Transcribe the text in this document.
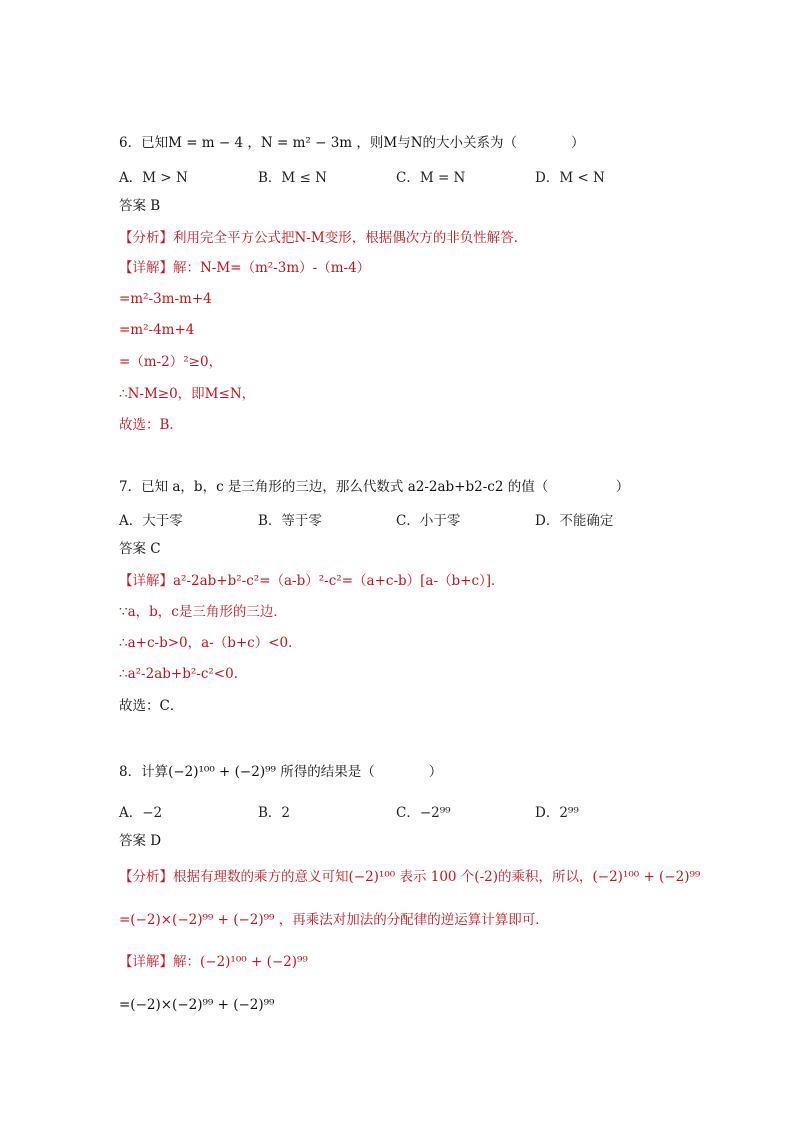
6．已知M = m − 4 ，N = m² − 3m ，则M与N的大小关系为（　　　　）
A．M > N	B．M ≤ N	C．M = N	D．M < N
答案 B
【分析】利用完全平方公式把N-M变形，根据偶次方的非负性解答．
【详解】解：N-M=（m²-3m）-（m-4）
=m²-3m-m+4
=m²-4m+4
=（m-2）²≥0，
∴N-M≥0，即M≤N，
故选：B．
7．已知 a，b，c 是三角形的三边，那么代数式 a2-2ab+b2-c2 的值（　　　　　）
A．大于零	B．等于零	C．小于零	D．不能确定
答案 C
【详解】a²-2ab+b²-c²=（a-b）²-c²=（a+c-b）[a-（b+c）]．
∵a，b，c是三角形的三边．
∴a+c-b>0，a-（b+c）<0．
∴a²-2ab+b²-c²<0．
故选：C．
8．计算(−2)¹⁰⁰ + (−2)⁹⁹ 所得的结果是（　　　　）
A．−2	B．2	C．−2⁹⁹	D．2⁹⁹
答案 D
【分析】根据有理数的乘方的意义可知(−2)¹⁰⁰ 表示 100 个(-2)的乘积，所以，(−2)¹⁰⁰ + (−2)⁹⁹
=(−2)×(−2)⁹⁹ + (−2)⁹⁹ ，再乘法对加法的分配律的逆运算计算即可．
【详解】解：(−2)¹⁰⁰ + (−2)⁹⁹
=(−2)×(−2)⁹⁹ + (−2)⁹⁹
